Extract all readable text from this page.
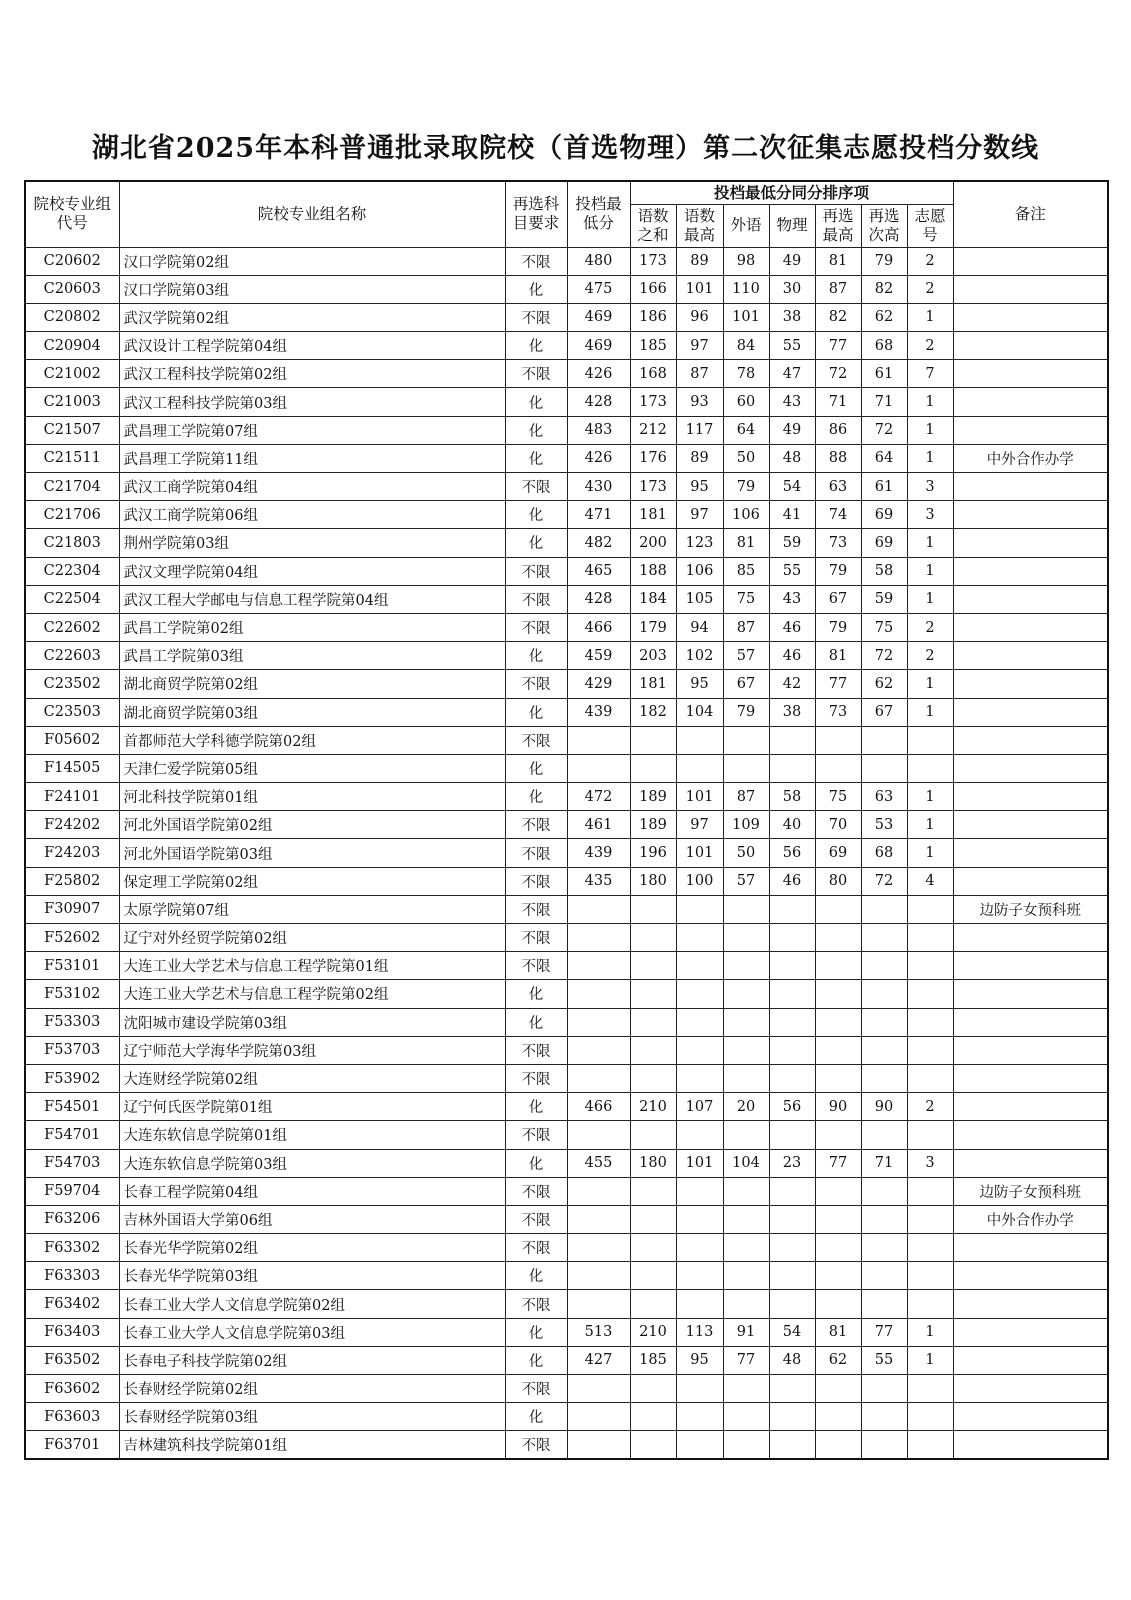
湖北省2025年本科普通批录取院校（首选物理）第二次征集志愿投档分数线
院校专业组代号	院校专业组名称	再选科目要求	投档最低分	投档最低分同分排序项							备注
				语数之和	语数最高	外语	物理	再选最高	再选次高	志愿号	
C20602	汉口学院第02组	不限	480	173	89	98	49	81	79	2	
C20603	汉口学院第03组	化	475	166	101	110	30	87	82	2	
C20802	武汉学院第02组	不限	469	186	96	101	38	82	62	1	
C20904	武汉设计工程学院第04组	化	469	185	97	84	55	77	68	2	
C21002	武汉工程科技学院第02组	不限	426	168	87	78	47	72	61	7	
C21003	武汉工程科技学院第03组	化	428	173	93	60	43	71	71	1	
C21507	武昌理工学院第07组	化	483	212	117	64	49	86	72	1	
C21511	武昌理工学院第11组	化	426	176	89	50	48	88	64	1	中外合作办学
C21704	武汉工商学院第04组	不限	430	173	95	79	54	63	61	3	
C21706	武汉工商学院第06组	化	471	181	97	106	41	74	69	3	
C21803	荆州学院第03组	化	482	200	123	81	59	73	69	1	
C22304	武汉文理学院第04组	不限	465	188	106	85	55	79	58	1	
C22504	武汉工程大学邮电与信息工程学院第04组	不限	428	184	105	75	43	67	59	1	
C22602	武昌工学院第02组	不限	466	179	94	87	46	79	75	2	
C22603	武昌工学院第03组	化	459	203	102	57	46	81	72	2	
C23502	湖北商贸学院第02组	不限	429	181	95	67	42	77	62	1	
C23503	湖北商贸学院第03组	化	439	182	104	79	38	73	67	1	
F05602	首都师范大学科德学院第02组	不限									
F14505	天津仁爱学院第05组	化									
F24101	河北科技学院第01组	化	472	189	101	87	58	75	63	1	
F24202	河北外国语学院第02组	不限	461	189	97	109	40	70	53	1	
F24203	河北外国语学院第03组	不限	439	196	101	50	56	69	68	1	
F25802	保定理工学院第02组	不限	435	180	100	57	46	80	72	4	
F30907	太原学院第07组	不限									边防子女预科班
F52602	辽宁对外经贸学院第02组	不限									
F53101	大连工业大学艺术与信息工程学院第01组	不限									
F53102	大连工业大学艺术与信息工程学院第02组	化									
F53303	沈阳城市建设学院第03组	化									
F53703	辽宁师范大学海华学院第03组	不限									
F53902	大连财经学院第02组	不限									
F54501	辽宁何氏医学院第01组	化	466	210	107	20	56	90	90	2	
F54701	大连东软信息学院第01组	不限									
F54703	大连东软信息学院第03组	化	455	180	101	104	23	77	71	3	
F59704	长春工程学院第04组	不限									边防子女预科班
F63206	吉林外国语大学第06组	不限									中外合作办学
F63302	长春光华学院第02组	不限									
F63303	长春光华学院第03组	化									
F63402	长春工业大学人文信息学院第02组	不限									
F63403	长春工业大学人文信息学院第03组	化	513	210	113	91	54	81	77	1	
F63502	长春电子科技学院第02组	化	427	185	95	77	48	62	55	1	
F63602	长春财经学院第02组	不限									
F63603	长春财经学院第03组	化									
F63701	吉林建筑科技学院第01组	不限									
